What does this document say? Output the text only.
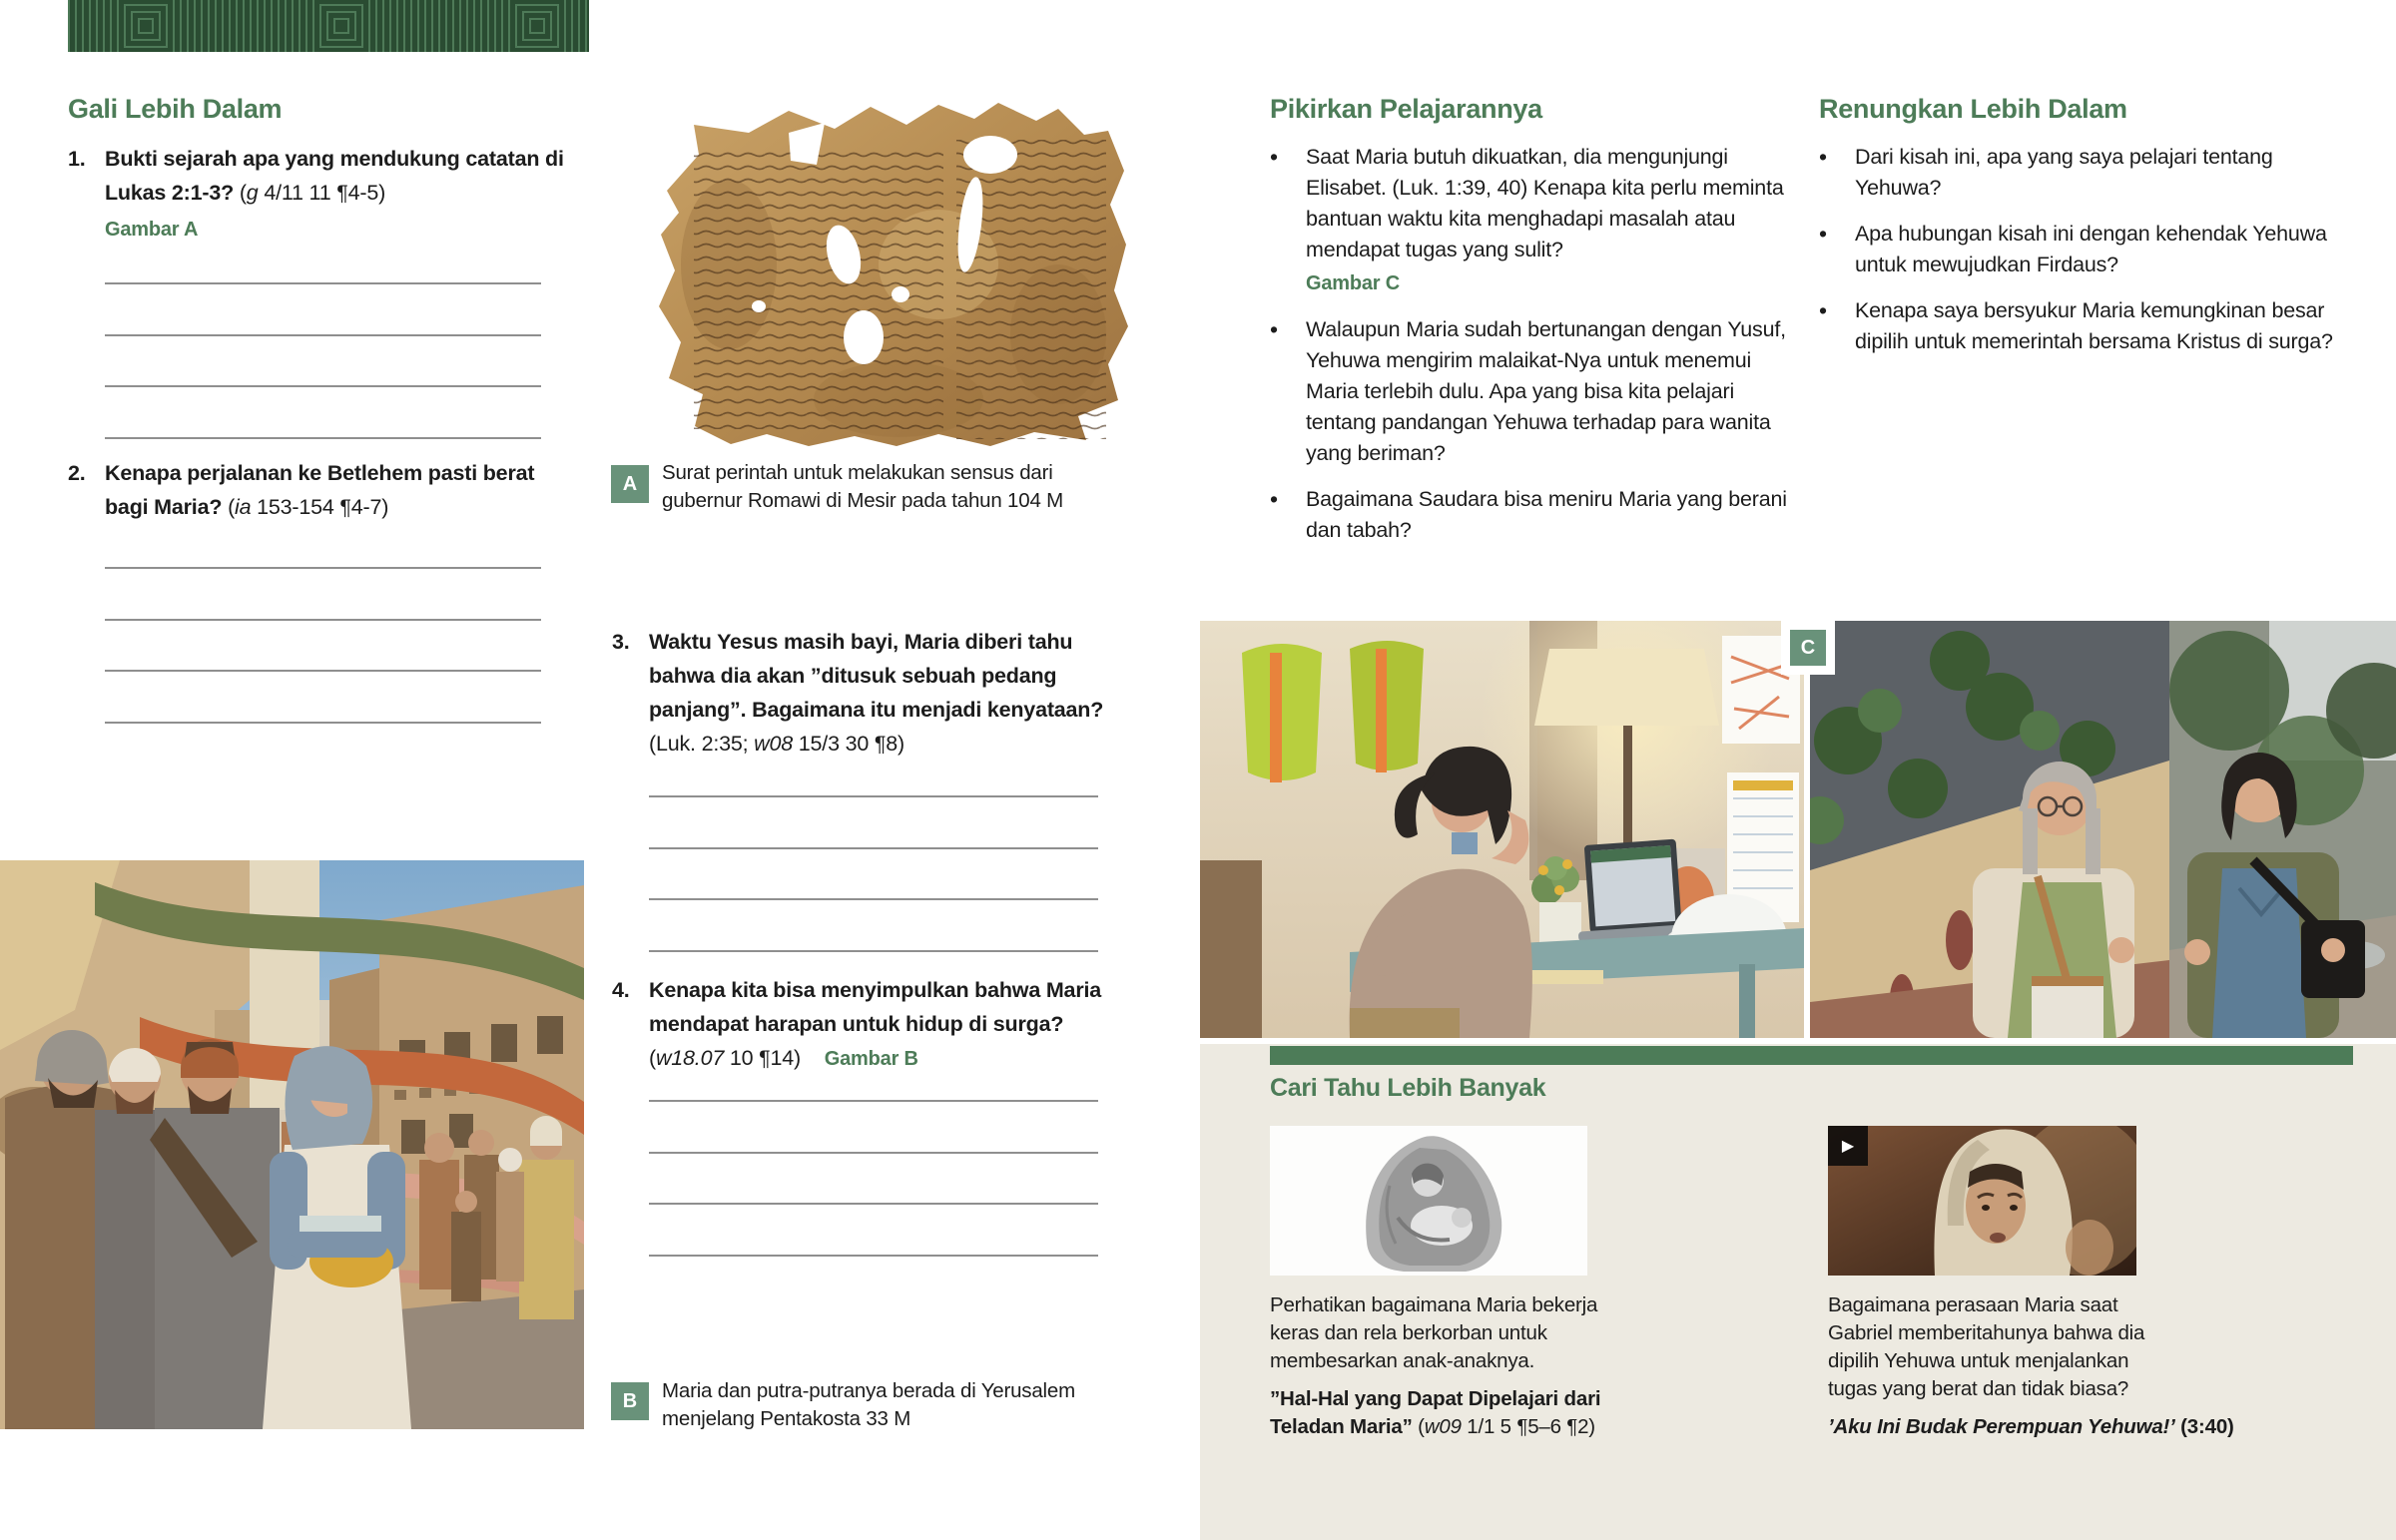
Gali Lebih Dalam
1. Bukti sejarah apa yang mendukung catatan di Lukas 2:1-3? (g 4/11 11 ¶4-5)
Gambar A
2. Kenapa perjalanan ke Betlehem pasti berat bagi Maria? (ia 153-154 ¶4-7)
A	Surat perintah untuk melakukan sensus dari gubernur Romawi di Mesir pada tahun 104 M
3. Waktu Yesus masih bayi, Maria diberi tahu bahwa dia akan ”ditusuk sebuah pedang panjang”. Bagaimana itu menjadi kenyataan? (Luk. 2:35; w08 15/3 30 ¶8)
4. Kenapa kita bisa menyimpulkan bahwa Maria mendapat harapan untuk hidup di surga? (w18.07 10 ¶14) Gambar B
B	Maria dan putra-putranya berada di Yerusalem menjelang Pentakosta 33 M
Pikirkan Pelajarannya
•
Saat Maria butuh dikuatkan, dia mengunjungi Elisabet. (Luk. 1:39, 40) Kenapa kita perlu meminta bantuan waktu kita menghadapi masalah atau mendapat tugas yang sulit?
Gambar C
•
Walaupun Maria sudah bertunangan dengan Yusuf, Yehuwa mengirim malaikat-Nya untuk menemui Maria terlebih dulu. Apa yang bisa kita pelajari tentang pandangan Yehuwa terhadap para wanita yang beriman?
•
Bagaimana Saudara bisa meniru Maria yang berani dan tabah?
Renungkan Lebih Dalam
•
Dari kisah ini, apa yang saya pelajari tentang Yehuwa?
•
Apa hubungan kisah ini dengan kehendak Yehuwa untuk mewujudkan Firdaus?
•
Kenapa saya bersyukur Maria kemungkinan besar dipilih untuk memerintah bersama Kristus di surga?
C
Cari Tahu Lebih Banyak
▶
Perhatikan bagaimana Maria bekerja keras dan rela berkorban untuk membesarkan anak-anaknya.
”Hal-Hal yang Dapat Dipelajari dari Teladan Maria” (w09 1/1 5 ¶5–6 ¶2)
Bagaimana perasaan Maria saat Gabriel memberitahunya bahwa dia dipilih Yehuwa untuk menjalankan tugas yang berat dan tidak biasa?
’Aku Ini Budak Perempuan Yehuwa!’ (3:40)
